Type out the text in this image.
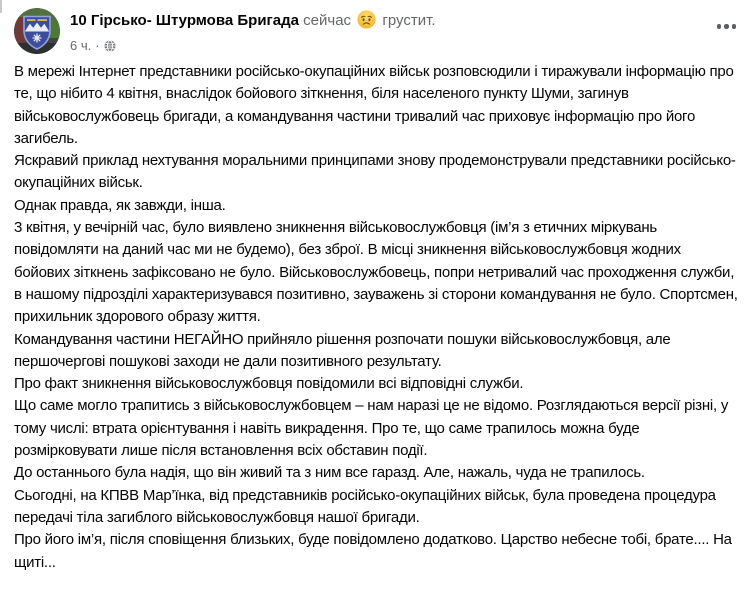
10 Гірсько- Штурмова Бригада сейчас грустит.
6 ч. ·
В мережі Інтернет представники російсько-окупаційних військ розповсюдили і тиражували інформацію про те, що нібито 4 квітня, внаслідок бойового зіткнення, біля населеного пункту Шуми, загинув військовослужбовець бригади, а командування частини тривалий час приховує інформацію про його загибель.
Яскравий приклад нехтування моральними принципами знову продемонстрували представники російсько-окупаційних військ.
Однак правда, як завжди, інша.
3 квітня, у вечірній час, було виявлено зникнення військовослужбовця (ім’я з етичних міркувань повідомляти на даний час ми не будемо), без зброї. В місці зникнення військовослужбовця жодних бойових зіткнень зафіксовано не було. Військовослужбовець, попри нетривалий час проходження служби, в нашому підрозділі характеризувався позитивно, зауважень зі сторони командування не було. Спортсмен, прихильник здорового образу життя.
Командування частини НЕГАЙНО прийняло рішення розпочати пошуки військовослужбовця, але першочергові пошукові заходи не дали позитивного результату.
Про факт зникнення військовослужбовця повідомили всі відповідні служби.
Що саме могло трапитись з військовослужбовцем – нам наразі це не відомо. Розглядаються версії різні, у тому числі: втрата орієнтування і навіть викрадення. Про те, що саме трапилось можна буде розмірковувати лише після встановлення всіх обставин події.
До останнього була надія, що він живий та з ним все гаразд. Але, нажаль, чуда не трапилось.
Сьогодні, на КПВВ Мар’їнка, від представників російсько-окупаційних військ, була проведена процедура передачі тіла загиблого військовослужбовця нашої бригади.
Про його ім’я, після сповіщення близьких, буде повідомлено додатково. Царство небесне тобі, брате.... На щиті...
